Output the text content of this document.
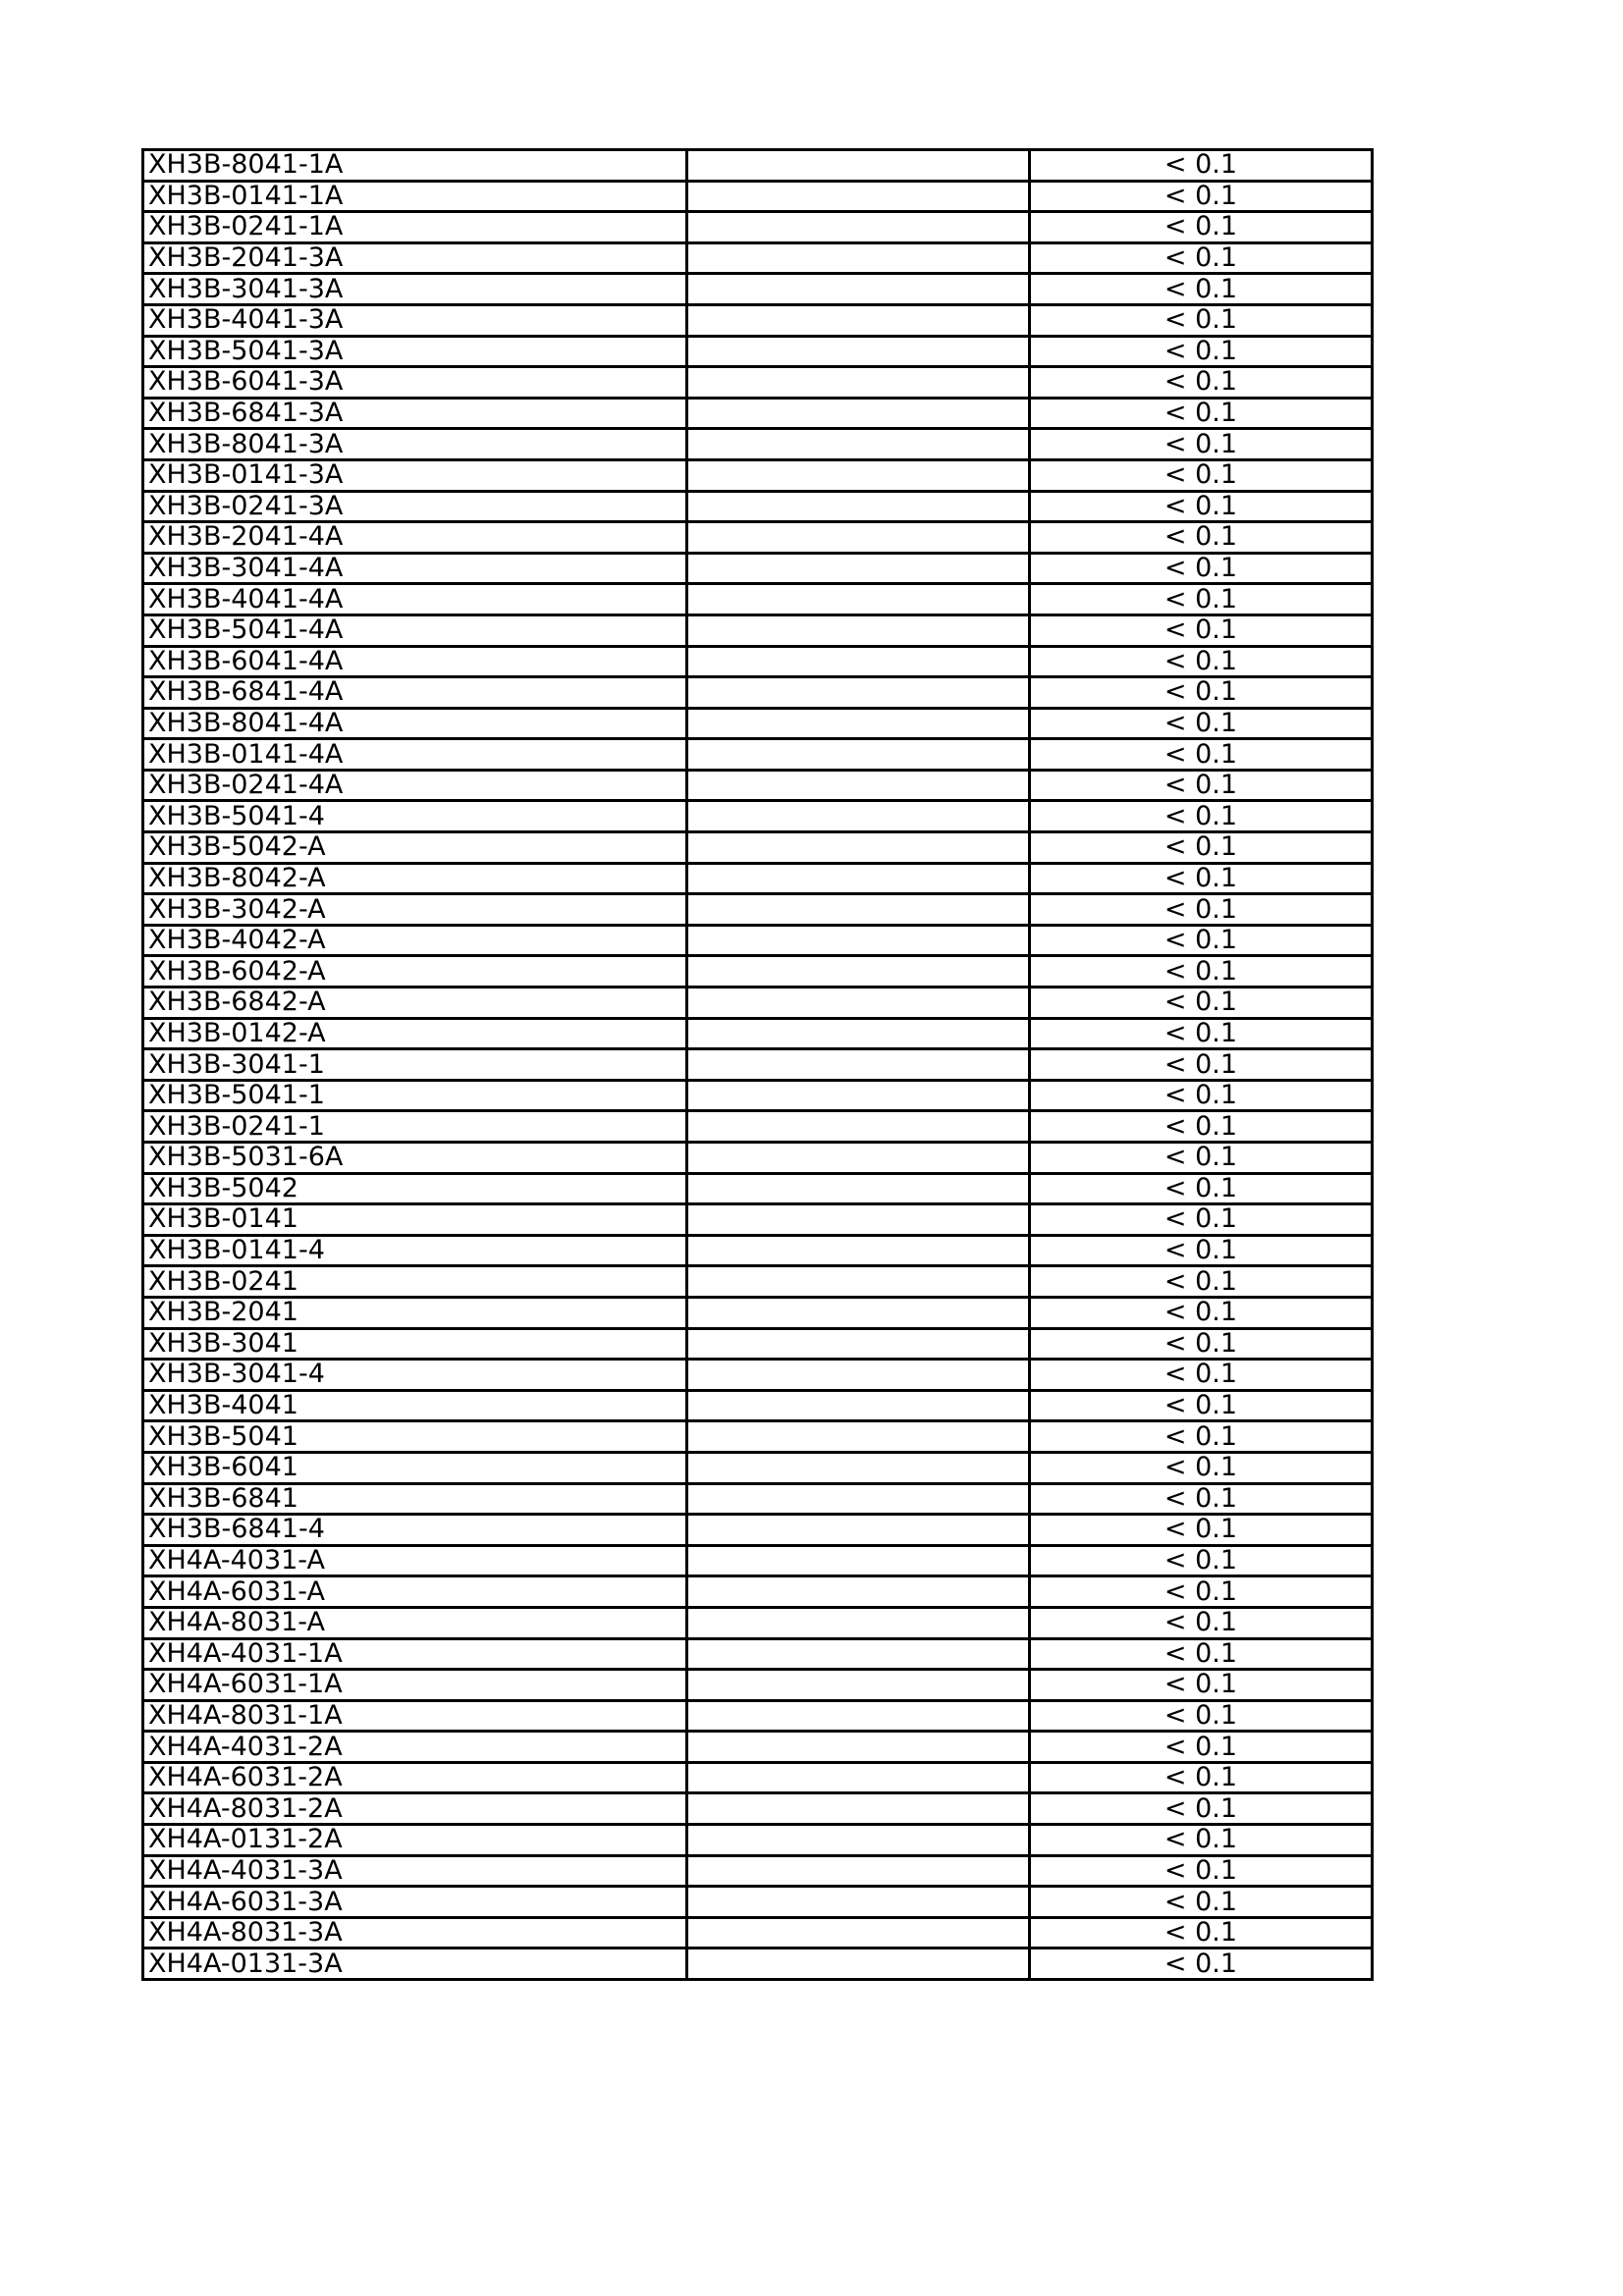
XH3B-8041-1A		< 0.1
XH3B-0141-1A		< 0.1
XH3B-0241-1A		< 0.1
XH3B-2041-3A		< 0.1
XH3B-3041-3A		< 0.1
XH3B-4041-3A		< 0.1
XH3B-5041-3A		< 0.1
XH3B-6041-3A		< 0.1
XH3B-6841-3A		< 0.1
XH3B-8041-3A		< 0.1
XH3B-0141-3A		< 0.1
XH3B-0241-3A		< 0.1
XH3B-2041-4A		< 0.1
XH3B-3041-4A		< 0.1
XH3B-4041-4A		< 0.1
XH3B-5041-4A		< 0.1
XH3B-6041-4A		< 0.1
XH3B-6841-4A		< 0.1
XH3B-8041-4A		< 0.1
XH3B-0141-4A		< 0.1
XH3B-0241-4A		< 0.1
XH3B-5041-4		< 0.1
XH3B-5042-A		< 0.1
XH3B-8042-A		< 0.1
XH3B-3042-A		< 0.1
XH3B-4042-A		< 0.1
XH3B-6042-A		< 0.1
XH3B-6842-A		< 0.1
XH3B-0142-A		< 0.1
XH3B-3041-1		< 0.1
XH3B-5041-1		< 0.1
XH3B-0241-1		< 0.1
XH3B-5031-6A		< 0.1
XH3B-5042		< 0.1
XH3B-0141		< 0.1
XH3B-0141-4		< 0.1
XH3B-0241		< 0.1
XH3B-2041		< 0.1
XH3B-3041		< 0.1
XH3B-3041-4		< 0.1
XH3B-4041		< 0.1
XH3B-5041		< 0.1
XH3B-6041		< 0.1
XH3B-6841		< 0.1
XH3B-6841-4		< 0.1
XH4A-4031-A		< 0.1
XH4A-6031-A		< 0.1
XH4A-8031-A		< 0.1
XH4A-4031-1A		< 0.1
XH4A-6031-1A		< 0.1
XH4A-8031-1A		< 0.1
XH4A-4031-2A		< 0.1
XH4A-6031-2A		< 0.1
XH4A-8031-2A		< 0.1
XH4A-0131-2A		< 0.1
XH4A-4031-3A		< 0.1
XH4A-6031-3A		< 0.1
XH4A-8031-3A		< 0.1
XH4A-0131-3A		< 0.1
